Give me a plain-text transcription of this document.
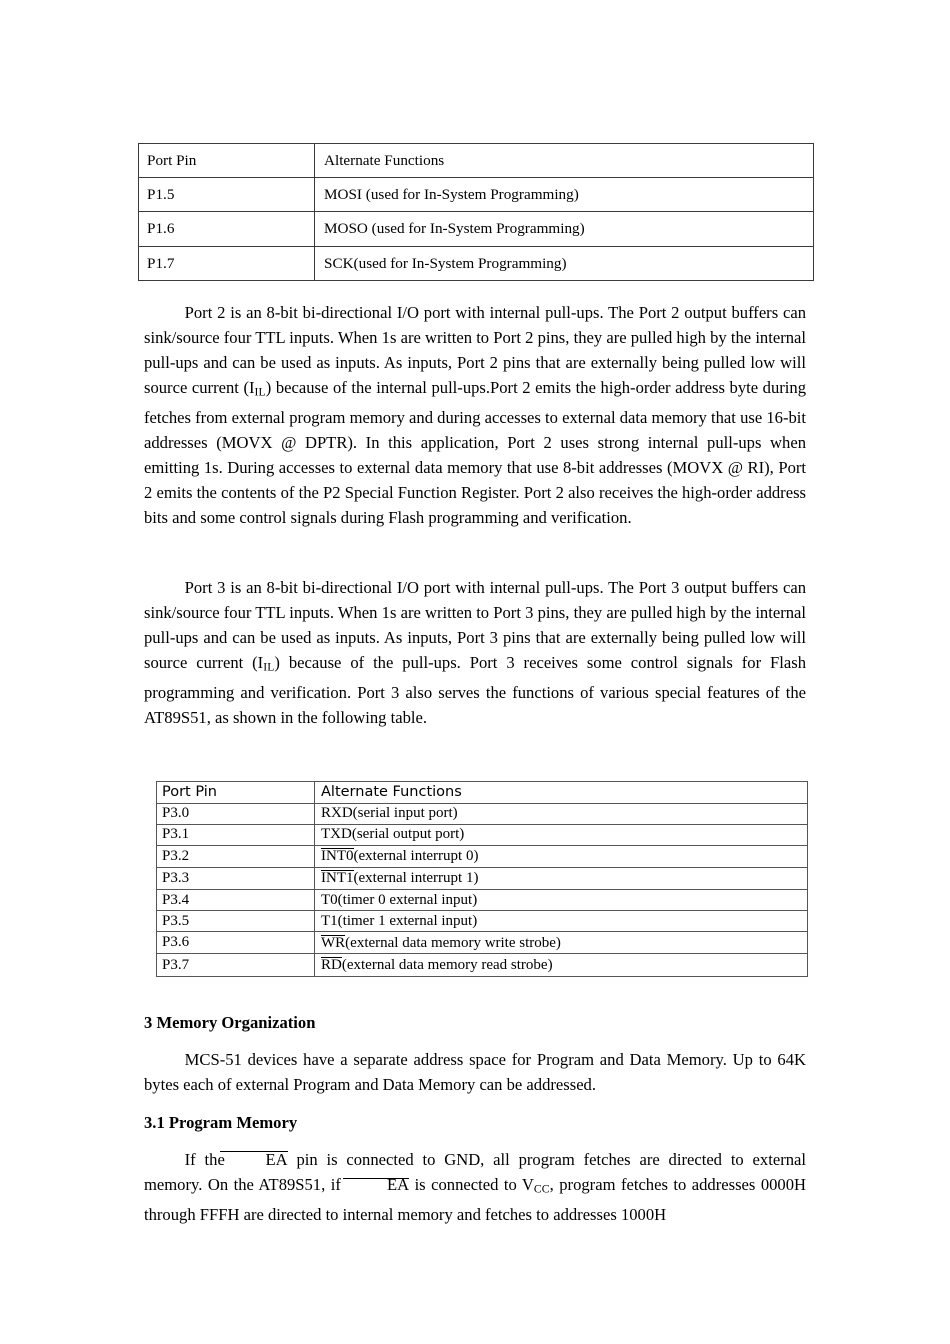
Port Pin	Alternate Functions
P1.5	MOSI (used for In-System Programming)
P1.6	MOSO (used for In-System Programming)
P1.7	SCK(used for In-System Programming)

Port 2 is an 8-bit bi-directional I/O port with internal pull-ups. The Port 2 output buffers can sink/source four TTL inputs. When 1s are written to Port 2 pins, they are pulled high by the internal pull-ups and can be used as inputs. As inputs, Port 2 pins that are externally being pulled low will source current $(I_{IL})$ because of the internal pull-ups.Port 2 emits the high-order address byte during fetches from external program memory and during accesses to external data memory that use 16-bit addresses (MOVX @ DPTR). In this application, Port 2 uses strong internal pull-ups when emitting 1s. During accesses to external data memory that use 8-bit addresses (MOVX @ RI), Port 2 emits the contents of the P2 Special Function Register. Port 2 also receives the high-order address bits and some control signals during Flash programming and verification.

Port 3 is an 8-bit bi-directional I/O port with internal pull-ups. The Port 3 output buffers can sink/source four TTL inputs. When 1s are written to Port 3 pins, they are pulled high by the internal pull-ups and can be used as inputs. As inputs, Port 3 pins that are externally being pulled low will source current $(I_{IL})$ because of the pull-ups. Port 3 receives some control signals for Flash programming and verification. Port 3 also serves the functions of various special features of the AT89S51, as shown in the following table.

Port Pin	Alternate Functions
P3.0	RXD(serial input port)
P3.1	TXD(serial output port)
P3.2	INT0(external interrupt 0)
P3.3	INT1(external interrupt 1)
P3.4	T0(timer 0 external input)
P3.5	T1(timer 1 external input)
P3.6	WR(external data memory write strobe)
P3.7	RD(external data memory read strobe)
3 Memory Organization

MCS-51 devices have a separate address space for Program and Data Memory. Up to 64K bytes each of external Program and Data Memory can be addressed.

3.1 Program Memory

If the EA pin is connected to GND, all program fetches are directed to external memory. On the AT89S51, if EA is connected to $V_{CC}$, program fetches to addresses 0000H through FFFH are directed to internal memory and fetches to addresses 1000H
